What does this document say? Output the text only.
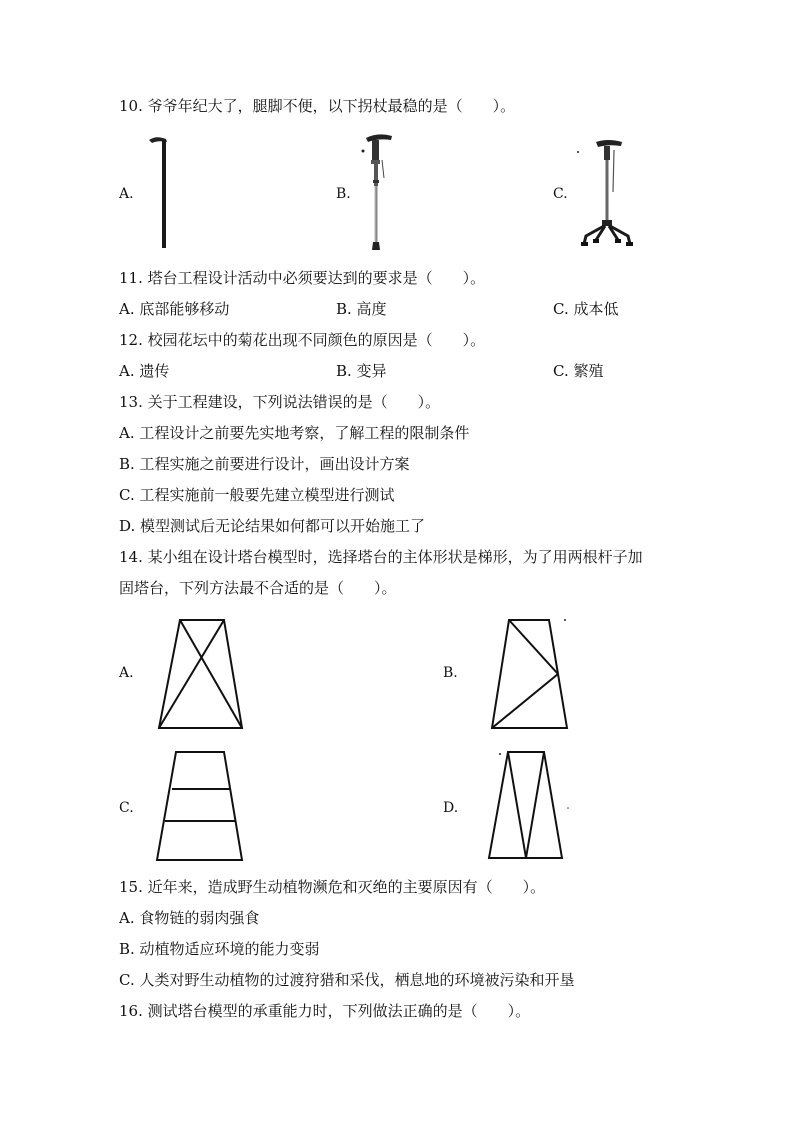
10. 爷爷年纪大了，腿脚不便，以下拐杖最稳的是（　　）。
A.	B.	C.
11. 塔台工程设计活动中必须要达到的要求是（　　）。
A. 底部能够移动	B. 高度	C. 成本低
12. 校园花坛中的菊花出现不同颜色的原因是（　　）。
A. 遗传	B. 变异	C. 繁殖
13. 关于工程建设，下列说法错误的是（　　）。
A. 工程设计之前要先实地考察，了解工程的限制条件
B. 工程实施之前要进行设计，画出设计方案
C. 工程实施前一般要先建立模型进行测试
D. 模型测试后无论结果如何都可以开始施工了
14. 某小组在设计塔台模型时，选择塔台的主体形状是梯形，为了用两根杆子加
固塔台，下列方法最不合适的是（　　）。
A.	B.
C.	D.
15. 近年来，造成野生动植物濒危和灭绝的主要原因有（　　）。
A. 食物链的弱肉强食
B. 动植物适应环境的能力变弱
C. 人类对野生动植物的过渡狩猎和采伐，栖息地的环境被污染和开垦
16. 测试塔台模型的承重能力时，下列做法正确的是（　　）。
